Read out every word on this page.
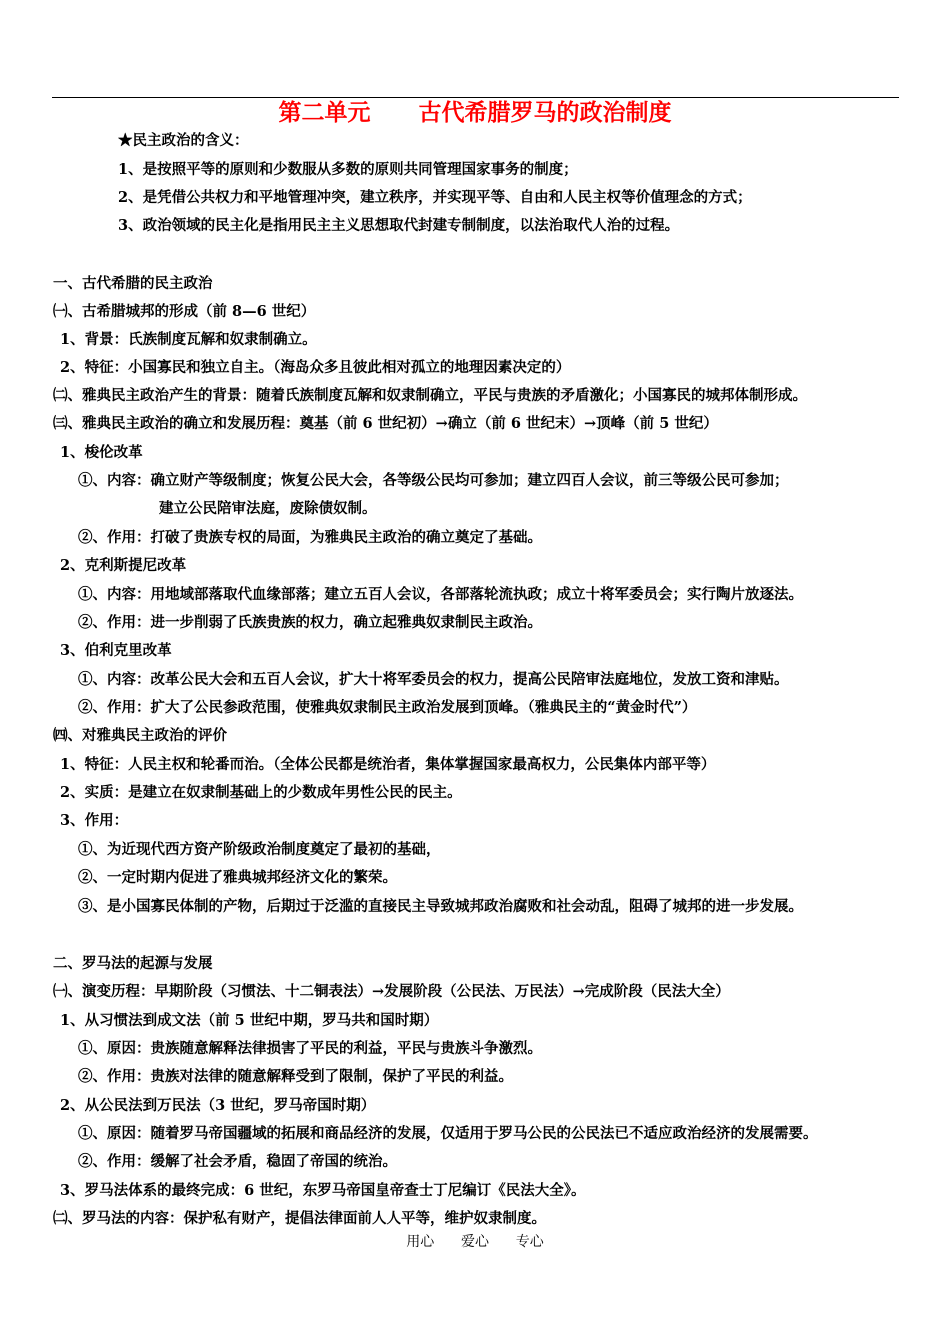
第二单元      古代希腊罗马的政治制度
★民主政治的含义：
1、是按照平等的原则和少数服从多数的原则共同管理国家事务的制度；
2、是凭借公共权力和平地管理冲突，建立秩序，并实现平等、自由和人民主权等价值理念的方式；
3、政治领域的民主化是指用民主主义思想取代封建专制制度，以法治取代人治的过程。
一、古代希腊的民主政治
㈠、古希腊城邦的形成（前 8—6 世纪）
1、背景：氏族制度瓦解和奴隶制确立。
2、特征：小国寡民和独立自主。（海岛众多且彼此相对孤立的地理因素决定的）
㈡、雅典民主政治产生的背景：随着氏族制度瓦解和奴隶制确立，平民与贵族的矛盾激化；小国寡民的城邦体制形成。
㈢、雅典民主政治的确立和发展历程：奠基（前 6 世纪初）→确立（前 6 世纪末）→顶峰（前 5 世纪）
1、梭伦改革
①、内容：确立财产等级制度；恢复公民大会，各等级公民均可参加；建立四百人会议，前三等级公民可参加；
建立公民陪审法庭，废除债奴制。
②、作用：打破了贵族专权的局面，为雅典民主政治的确立奠定了基础。
2、克利斯提尼改革
①、内容：用地域部落取代血缘部落；建立五百人会议，各部落轮流执政；成立十将军委员会；实行陶片放逐法。
②、作用：进一步削弱了氏族贵族的权力，确立起雅典奴隶制民主政治。
3、伯利克里改革
①、内容：改革公民大会和五百人会议，扩大十将军委员会的权力，提高公民陪审法庭地位，发放工资和津贴。
②、作用：扩大了公民参政范围，使雅典奴隶制民主政治发展到顶峰。（雅典民主的“黄金时代”）
㈣、对雅典民主政治的评价
1、特征：人民主权和轮番而治。（全体公民都是统治者，集体掌握国家最高权力，公民集体内部平等）
2、实质：是建立在奴隶制基础上的少数成年男性公民的民主。
3、作用：
①、为近现代西方资产阶级政治制度奠定了最初的基础，
②、一定时期内促进了雅典城邦经济文化的繁荣。
③、是小国寡民体制的产物，后期过于泛滥的直接民主导致城邦政治腐败和社会动乱，阻碍了城邦的进一步发展。
二、罗马法的起源与发展
㈠、演变历程：早期阶段（习惯法、十二铜表法）→发展阶段（公民法、万民法）→完成阶段（民法大全）
1、从习惯法到成文法（前 5 世纪中期，罗马共和国时期）
①、原因：贵族随意解释法律损害了平民的利益，平民与贵族斗争激烈。
②、作用：贵族对法律的随意解释受到了限制，保护了平民的利益。
2、从公民法到万民法（3 世纪，罗马帝国时期）
①、原因：随着罗马帝国疆域的拓展和商品经济的发展，仅适用于罗马公民的公民法已不适应政治经济的发展需要。
②、作用：缓解了社会矛盾，稳固了帝国的统治。
3、罗马法体系的最终完成：6 世纪，东罗马帝国皇帝查士丁尼编订《民法大全》。
㈡、罗马法的内容：保护私有财产，提倡法律面前人人平等，维护奴隶制度。
用心      爱心      专心
